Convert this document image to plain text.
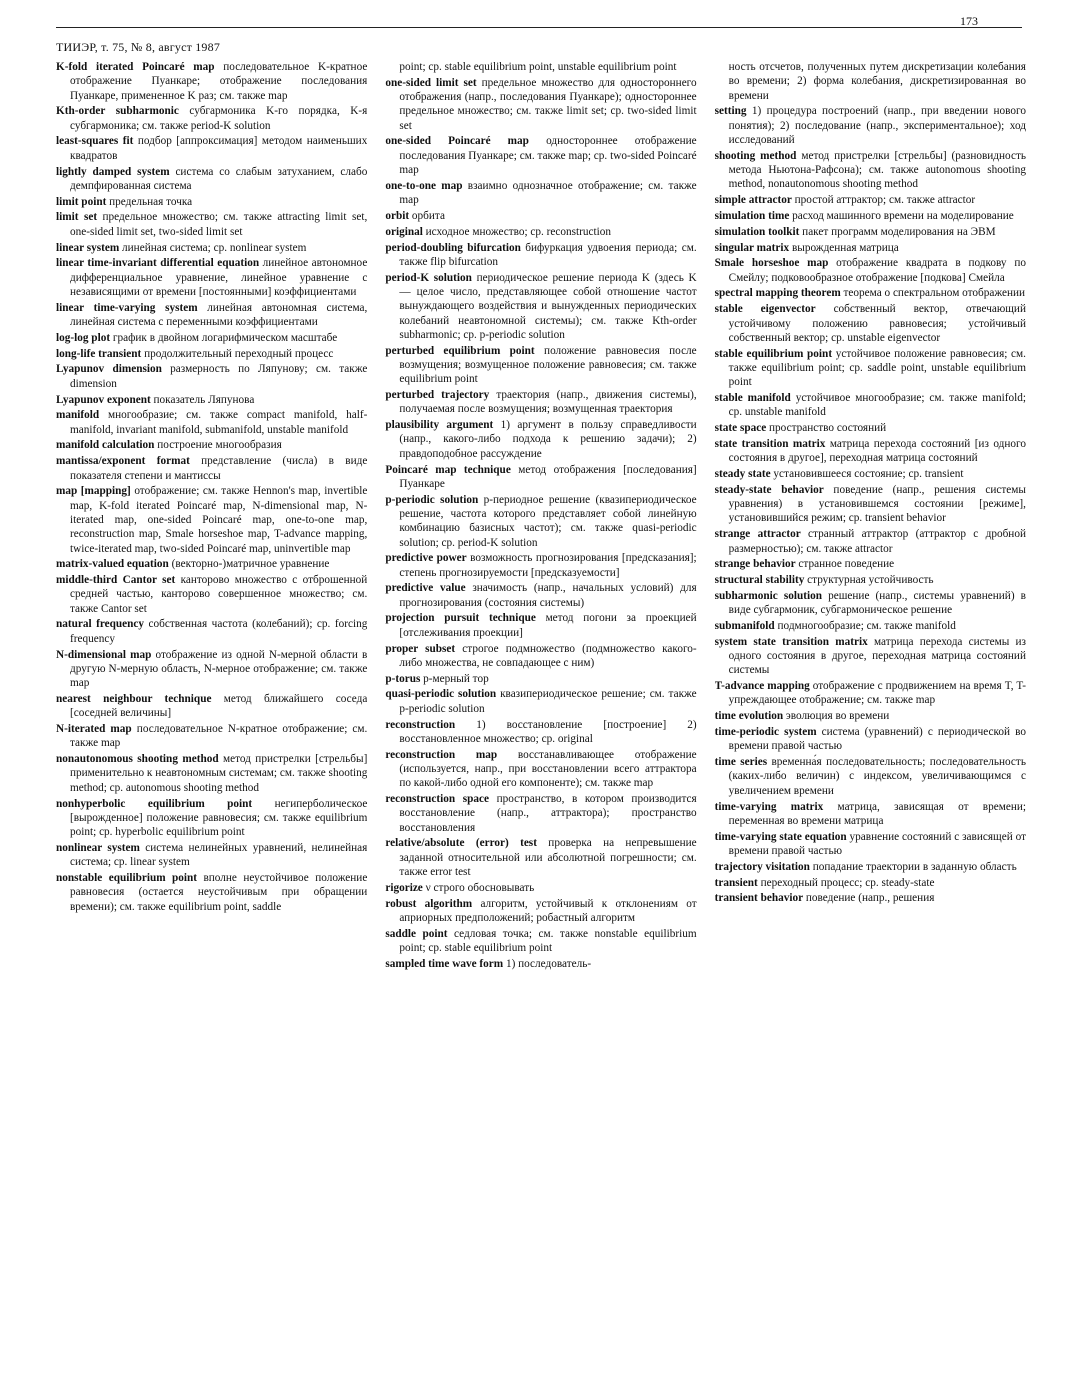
173
ТИИЭР, т. 75, № 8, август 1987

K-fold iterated Poincaré map последовательное K-кратное отображение Пуанкаре; отображение последования Пуанкаре, примененное K раз; см. также map

Kth-order subharmonic субгармоника K-го порядка, K-я субгармоника; см. также period-K solution

least-squares fit подбор [аппроксимация] методом наименьших квадратов

lightly damped system система со слабым затуханием, слабо демпфированная система

limit point предельная точка

limit set предельное множество; см. также attracting limit set, one-sided limit set, two-sided limit set

linear system линейная система; ср. nonlinear system

linear time-invariant differential equation линейное автономное дифференциальное уравнение, линейное уравнение с независящими от времени [постоянными] коэффициентами

linear time-varying system линейная автономная система, линейная система с переменными коэффициентами

log-log plot график в двойном логарифмическом масштабе

long-life transient продолжительный переходный процесс

Lyapunov dimension размерность по Ляпунову; см. также dimension

Lyapunov exponent показатель Ляпунова

manifold многообразие; см. также compact manifold, half-manifold, invariant manifold, submanifold, unstable manifold

manifold calculation построение многообразия

mantissa/exponent format представление (числа) в виде показателя степени и мантиссы

map [mapping] отображение; см. также Hennon's map, invertible map, K-fold iterated Poincaré map, N-dimensional map, N-iterated map, one-sided Poincaré map, one-to-one map, reconstruction map, Smale horseshoe map, T-advance mapping, twice-iterated map, two-sided Poincaré map, uninvertible map

matrix-valued equation (векторно-)матричное уравнение

middle-third Cantor set канторово множество с отброшенной средней частью, канторово совершенное множество; см. также Cantor set

natural frequency собственная частота (колебаний); ср. forcing frequency

N-dimensional map отображение из одной N-мерной области в другую N-мерную область, N-мерное отображение; см. также map

nearest neighbour technique метод ближайшего соседа [соседней величины]

N-iterated map последовательное N-кратное отображение; см. также map

nonautonomous shooting method метод пристрелки [стрельбы] применительно к неавтономным системам; см. также shooting method; ср. autonomous shooting method

nonhyperbolic equilibrium point негиперболическое [вырожденное] положение равновесия; см. также equilibrium point; ср. hyperbolic equilibrium point

nonlinear system система нелинейных уравнений, нелинейная система; ср. linear system

nonstable equilibrium point вполне неустойчивое положение равновесия (остается неустойчивым при обращении времени); см. также equilibrium point, saddle

point; ср. stable equilibrium point, unstable equilibrium point

one-sided limit set предельное множество для одностороннего отображения (напр., последования Пуанкаре); одностороннее предельное множество; см. также limit set; ср. two-sided limit set

one-sided Poincaré map одностороннее отображение последования Пуанкаре; см. также map; ср. two-sided Poincaré map

one-to-one map взаимно однозначное отображение; см. также map

orbit орбита

original исходное множество; ср. reconstruction

period-doubling bifurcation бифуркация удвоения периода; см. также flip bifurcation

period-K solution периодическое решение периода K (здесь K — целое число, представляющее собой отношение частот вынуждающего воздействия и вынужденных периодических колебаний неавтономной системы); см. также Kth-order subharmonic; ср. p-periodic solution

perturbed equilibrium point положение равновесия после возмущения; возмущенное положение равновесия; см. также equilibrium point

perturbed trajectory траектория (напр., движения системы), получаемая после возмущения; возмущенная траектория

plausibility argument 1) аргумент в пользу справедливости (напр., какого-либо подхода к решению задачи); 2) правдоподобное рассуждение

Poincaré map technique метод отображения [последования] Пуанкаре

p-periodic solution p-периодное решение (квазипериодическое решение, частота которого представляет собой линейную комбинацию базисных частот); см. также quasi-periodic solution; ср. period-K solution

predictive power возможность прогнозирования [предсказания]; степень прогнозируемости [предсказуемости]

predictive value значимость (напр., начальных условий) для прогнозирования (состояния системы)

projection pursuit technique метод погони за проекцией [отслеживания проекции]

proper subset строгое подмножество (подмножество какого-либо множества, не совпадающее с ним)

p-torus p-мерный тор

quasi-periodic solution квазипериодическое решение; см. также p-periodic solution

reconstruction 1) восстановление [построение] 2) восстановленное множество; ср. original

reconstruction map восстанавливающее отображение (используется, напр., при восстановлении всего аттрактора по какой-либо одной его компоненте); см. также map

reconstruction space пространство, в котором производится восстановление (напр., аттрактора); пространство восстановления

relative/absolute (error) test проверка на непревышение заданной относительной или абсолютной погрешности; см. также error test

rigorize ν строго обосновывать

robust algorithm алгоритм, устойчивый к отклонениям от априорных предположений; робастный алгоритм

saddle point седловая точка; см. также nonstable equilibrium point; ср. stable equilibrium point

sampled time wave form 1) последователь-

ность отсчетов, полученных путем дискретизации колебания во времени; 2) форма колебания, дискретизированная во времени

setting 1) процедура построений (напр., при введении нового понятия); 2) последование (напр., экспериментальное); ход исследований

shooting method метод пристрелки [стрельбы] (разновидность метода Ньютона-Рафсона); см. также autonomous shooting method, nonautonomous shooting method

simple attractor простой аттрактор; см. также attractor

simulation time расход машинного времени на моделирование

simulation toolkit пакет программ моделирования на ЭВМ

singular matrix вырожденная матрица

Smale horseshoe map отображение квадрата в подкову по Смейлу; подковообразное отображение [подкова] Смейла

spectral mapping theorem теорема о спектральном отображении

stable eigenvector собственный вектор, отвечающий устойчивому положению равновесия; устойчивый собственный вектор; ср. unstable eigenvector

stable equilibrium point устойчивое положение равновесия; см. также equilibrium point; ср. saddle point, unstable equilibrium point

stable manifold устойчивое многообразие; см. также manifold; ср. unstable manifold

state space пространство состояний

state transition matrix матрица перехода состояний [из одного состояния в другое], переходная матрица состояний

steady state установившееся состояние; ср. transient

steady-state behavior поведение (напр., решения системы уравнения) в установившемся состоянии [режиме], установившийся режим; ср. transient behavior

strange attractor странный аттрактор (аттрактор с дробной размерностью); см. также attractor

strange behavior странное поведение

structural stability структурная устойчивость

subharmonic solution решение (напр., системы уравнений) в виде субгармоник, субгармоническое решение

submanifold подмногообразие; см. также manifold

system state transition matrix матрица перехода системы из одного состояния в другое, переходная матрица состояний системы

T-advance mapping отображение с продвижением на время T, T-упреждающее отображение; см. также map

time evolution эволюция во времени

time-periodic system система (уравнений) с периодической во времени правой частью

time series временна́я последовательность; последовательность (каких-либо величин) с индексом, увеличивающимся с увеличением времени

time-varying matrix матрица, зависящая от времени; переменная во времени матрица

time-varying state equation уравнение состояний с зависящей от времени правой частью

trajectory visitation попадание траектории в заданную область

transient переходный процесс; ср. steady-state

transient behavior поведение (напр., решения
